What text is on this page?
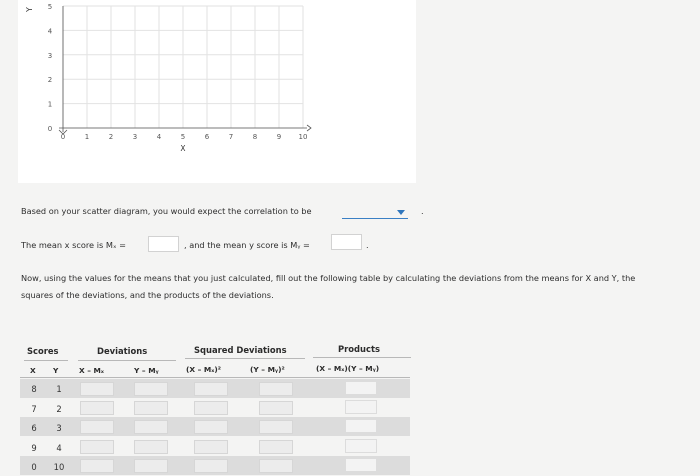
Y
0	1	2	3	4	5	6	7	8	9 10
0
1
2
3
4
5
X
Based on your scatter diagram, you would expect the correlation to be	.
The mean x score is Mₓ =	, and the mean y score is Mᵧ =	.
Now, using the values for the means that you just calculated, fill out the following table by calculating the deviations from the means for X and Y, the
squares of the deviations, and the products of the deviations.
Scores	Deviations	Squared Deviations	Products
X Y	X – Mₓ	Y – Mᵧ	(X – Mₓ)²	(Y – Mᵧ)²	(X – Mₓ)(Y – Mᵧ)
8	1
7	2
6	3
9	4
0	10
